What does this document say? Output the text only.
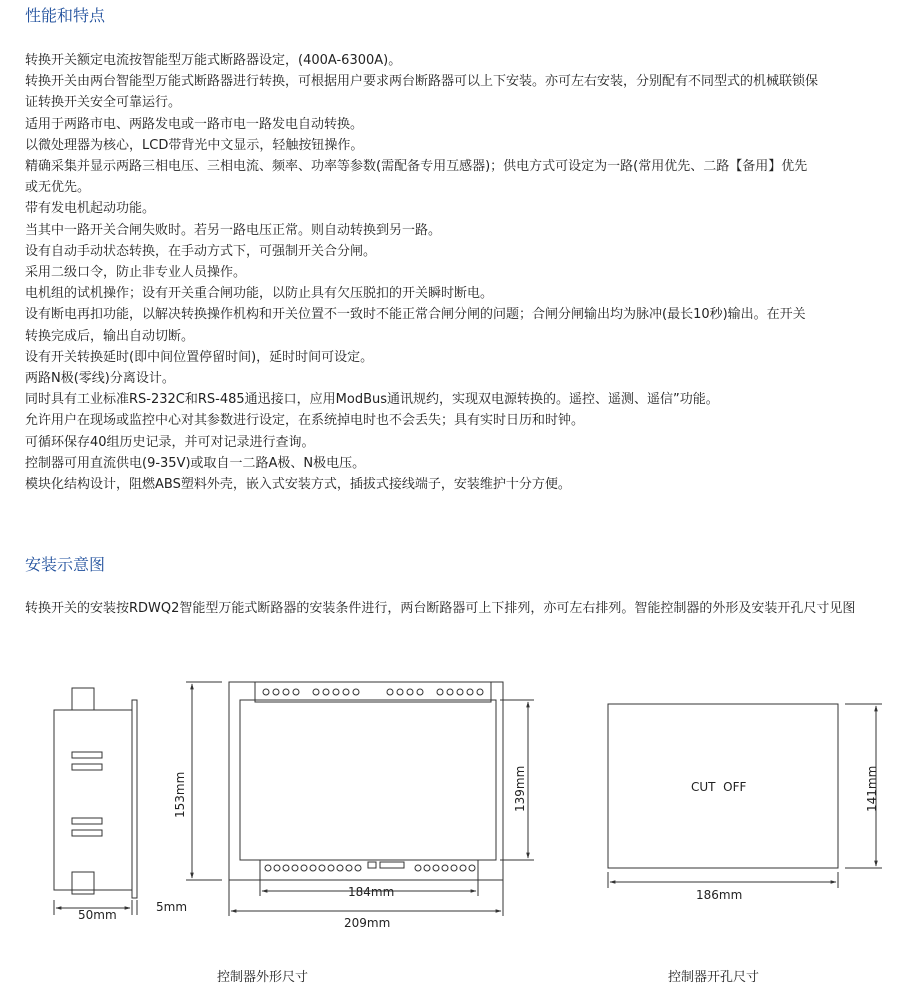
性能和特点
转换开关额定电流按智能型万能式断路器设定，(400A-6300A)。
转换开关由两台智能型万能式断路器进行转换，可根据用户要求两台断路器可以上下安装。亦可左右安装，分别配有不同型式的机械联锁保
证转换开关安全可靠运行。
适用于两路市电、两路发电或一路市电一路发电自动转换。
以微处理器为核心，LCD带背光中文显示，轻触按钮操作。
精确采集并显示两路三相电压、三相电流、频率、功率等参数(需配备专用互感器)；供电方式可设定为一路(常用优先、二路【备用】优先
或无优先。
带有发电机起动功能。
当其中一路开关合闸失败时。若另一路电压正常。则自动转换到另一路。
设有自动手动状态转换，在手动方式下，可强制开关合分闸。
采用二级口令，防止非专业人员操作。
电机组的试机操作；设有开关重合闸功能，以防止具有欠压脱扣的开关瞬时断电。
设有断电再扣功能，以解决转换操作机构和开关位置不一致时不能正常合闸分闸的问题；合闸分闸输出均为脉冲(最长10秒)输出。在开关
转换完成后，输出自动切断。
设有开关转换延时(即中间位置停留时间)，延时时间可设定。
两路N极(零线)分离设计。
同时具有工业标准RS-232C和RS-485通迅接口，应用ModBus通讯规约，实现双电源转换的。遥控、遥测、遥信”功能。
允许用户在现场或监控中心对其参数进行设定，在系统掉电时也不会丢失；具有实时日历和时钟。
可循环保存40组历史记录，并可对记录进行查询。
控制器可用直流供电(9-35V)或取自一二路A极、N极电压。
模块化结构设计，阻燃ABS塑料外壳，嵌入式安装方式，插拔式接线端子，安装维护十分方便。
安装示意图

转换开关的安装按RDWQ2智能型万能式断路器的安装条件进行，两台断路器可上下排列，亦可左右排列。智能控制器的外形及安装开孔尺寸见图

50mm
5mm
153mm	139mm
184mm
209mm
CUT  OFF
186mm
141mm

控制器外形尺寸	控制器开孔尺寸
